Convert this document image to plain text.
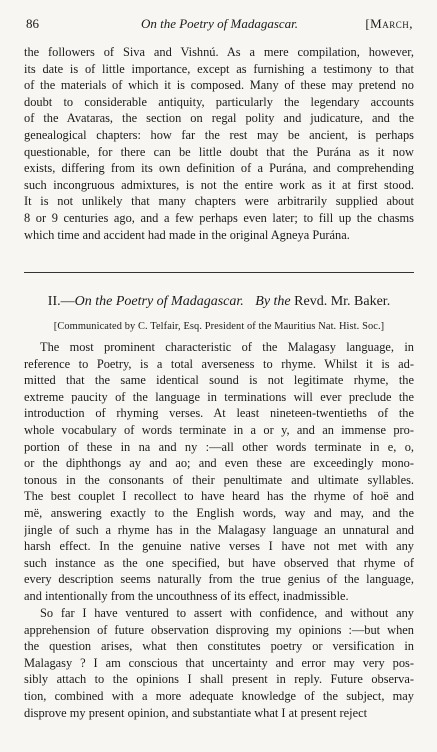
86	On the Poetry of Madagascar.	[March,
the followers of Siva and Vishnú. As a mere compilation, however,
its date is of little importance, except as furnishing a testimony to that
of the materials of which it is composed. Many of these may pretend no
doubt to considerable antiquity, particularly the legendary accounts
of the Avataras, the section on regal polity and judicature, and the
genealogical chapters: how far the rest may be ancient, is perhaps
questionable, for there can be little doubt that the Purána as it now
exists, differing from its own definition of a Purána, and comprehending
such incongruous admixtures, is not the entire work as it at first stood.
It is not unlikely that many chapters were arbitrarily supplied about
8 or 9 centuries ago, and a few perhaps even later; to fill up the chasms
which time and accident had made in the original Agneya Purána.
II.—On the Poetry of Madagascar. By the Revd. Mr. Baker.
[Communicated by C. Telfair, Esq. President of the Mauritius Nat. Hist. Soc.]
The most prominent characteristic of the Malagasy language, in
reference to Poetry, is a total averseness to rhyme. Whilst it is ad-
mitted that the same identical sound is not legitimate rhyme, the
extreme paucity of the language in terminations will ever preclude the
introduction of rhyming verses. At least nineteen-twentieths of the
whole vocabulary of words terminate in a or y, and an immense pro-
portion of these in na and ny :—all other words terminate in e, o,
or the diphthongs ay and ao; and even these are exceedingly mono-
tonous in the consonants of their penultimate and ultimate syllables.
The best couplet I recollect to have heard has the rhyme of hoë and
më, answering exactly to the English words, way and may, and the
jingle of such a rhyme has in the Malagasy language an unnatural and
harsh effect. In the genuine native verses I have not met with any
such instance as the one specified, but have observed that rhyme of
every description seems naturally from the true genius of the language,
and intentionally from the uncouthness of its effect, inadmissible.
So far I have ventured to assert with confidence, and without any
apprehension of future observation disproving my opinions :—but when
the question arises, what then constitutes poetry or versification in
Malagasy ? I am conscious that uncertainty and error may very pos-
sibly attach to the opinions I shall present in reply. Future observa-
tion, combined with a more adequate knowledge of the subject, may
disprove my present opinion, and substantiate what I at present reject
